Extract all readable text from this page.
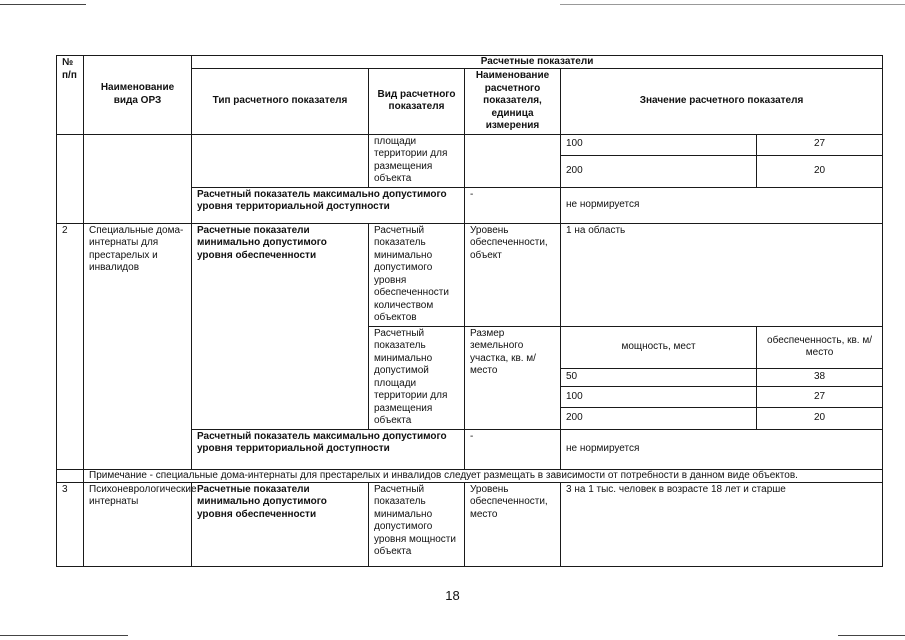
№ п/п	Наименование вида ОРЗ	Расчетные показатели				
		Тип расчетного показателя	Вид расчетного показателя	Наименование расчетного показателя, единица измерения	Значение расчетного показателя	
			площади территории для размещения объекта		100	27
					200	20
		Расчетный показатель максимально допустимого уровня территориальной доступности		-	не нормируется	
2	Специальные дома-интернаты для престарелых и инвалидов	Расчетные показатели минимально допустимого уровня обеспеченности	Расчетный показатель минимально допустимого уровня обеспеченности количеством объектов	Уровень обеспеченности, объект	1 на область	
			Расчетный показатель минимально допустимой площади территории для размещения объекта	Размер земельного участка, кв. м/место	мощность, мест	обеспеченность, кв. м/место
					50	38
					100	27
					200	20
		Расчетный показатель максимально допустимого уровня территориальной доступности		-	не нормируется	
	Примечание - специальные дома-интернаты для престарелых и инвалидов следует размещать в зависимости от потребности в данном виде объектов.					
3	Психоневрологические интернаты	Расчетные показатели минимально допустимого уровня обеспеченности	Расчетный показатель минимально допустимого уровня мощности объекта	Уровень обеспеченности, место	3 на 1 тыс. человек в возрасте 18 лет и старше	
18
